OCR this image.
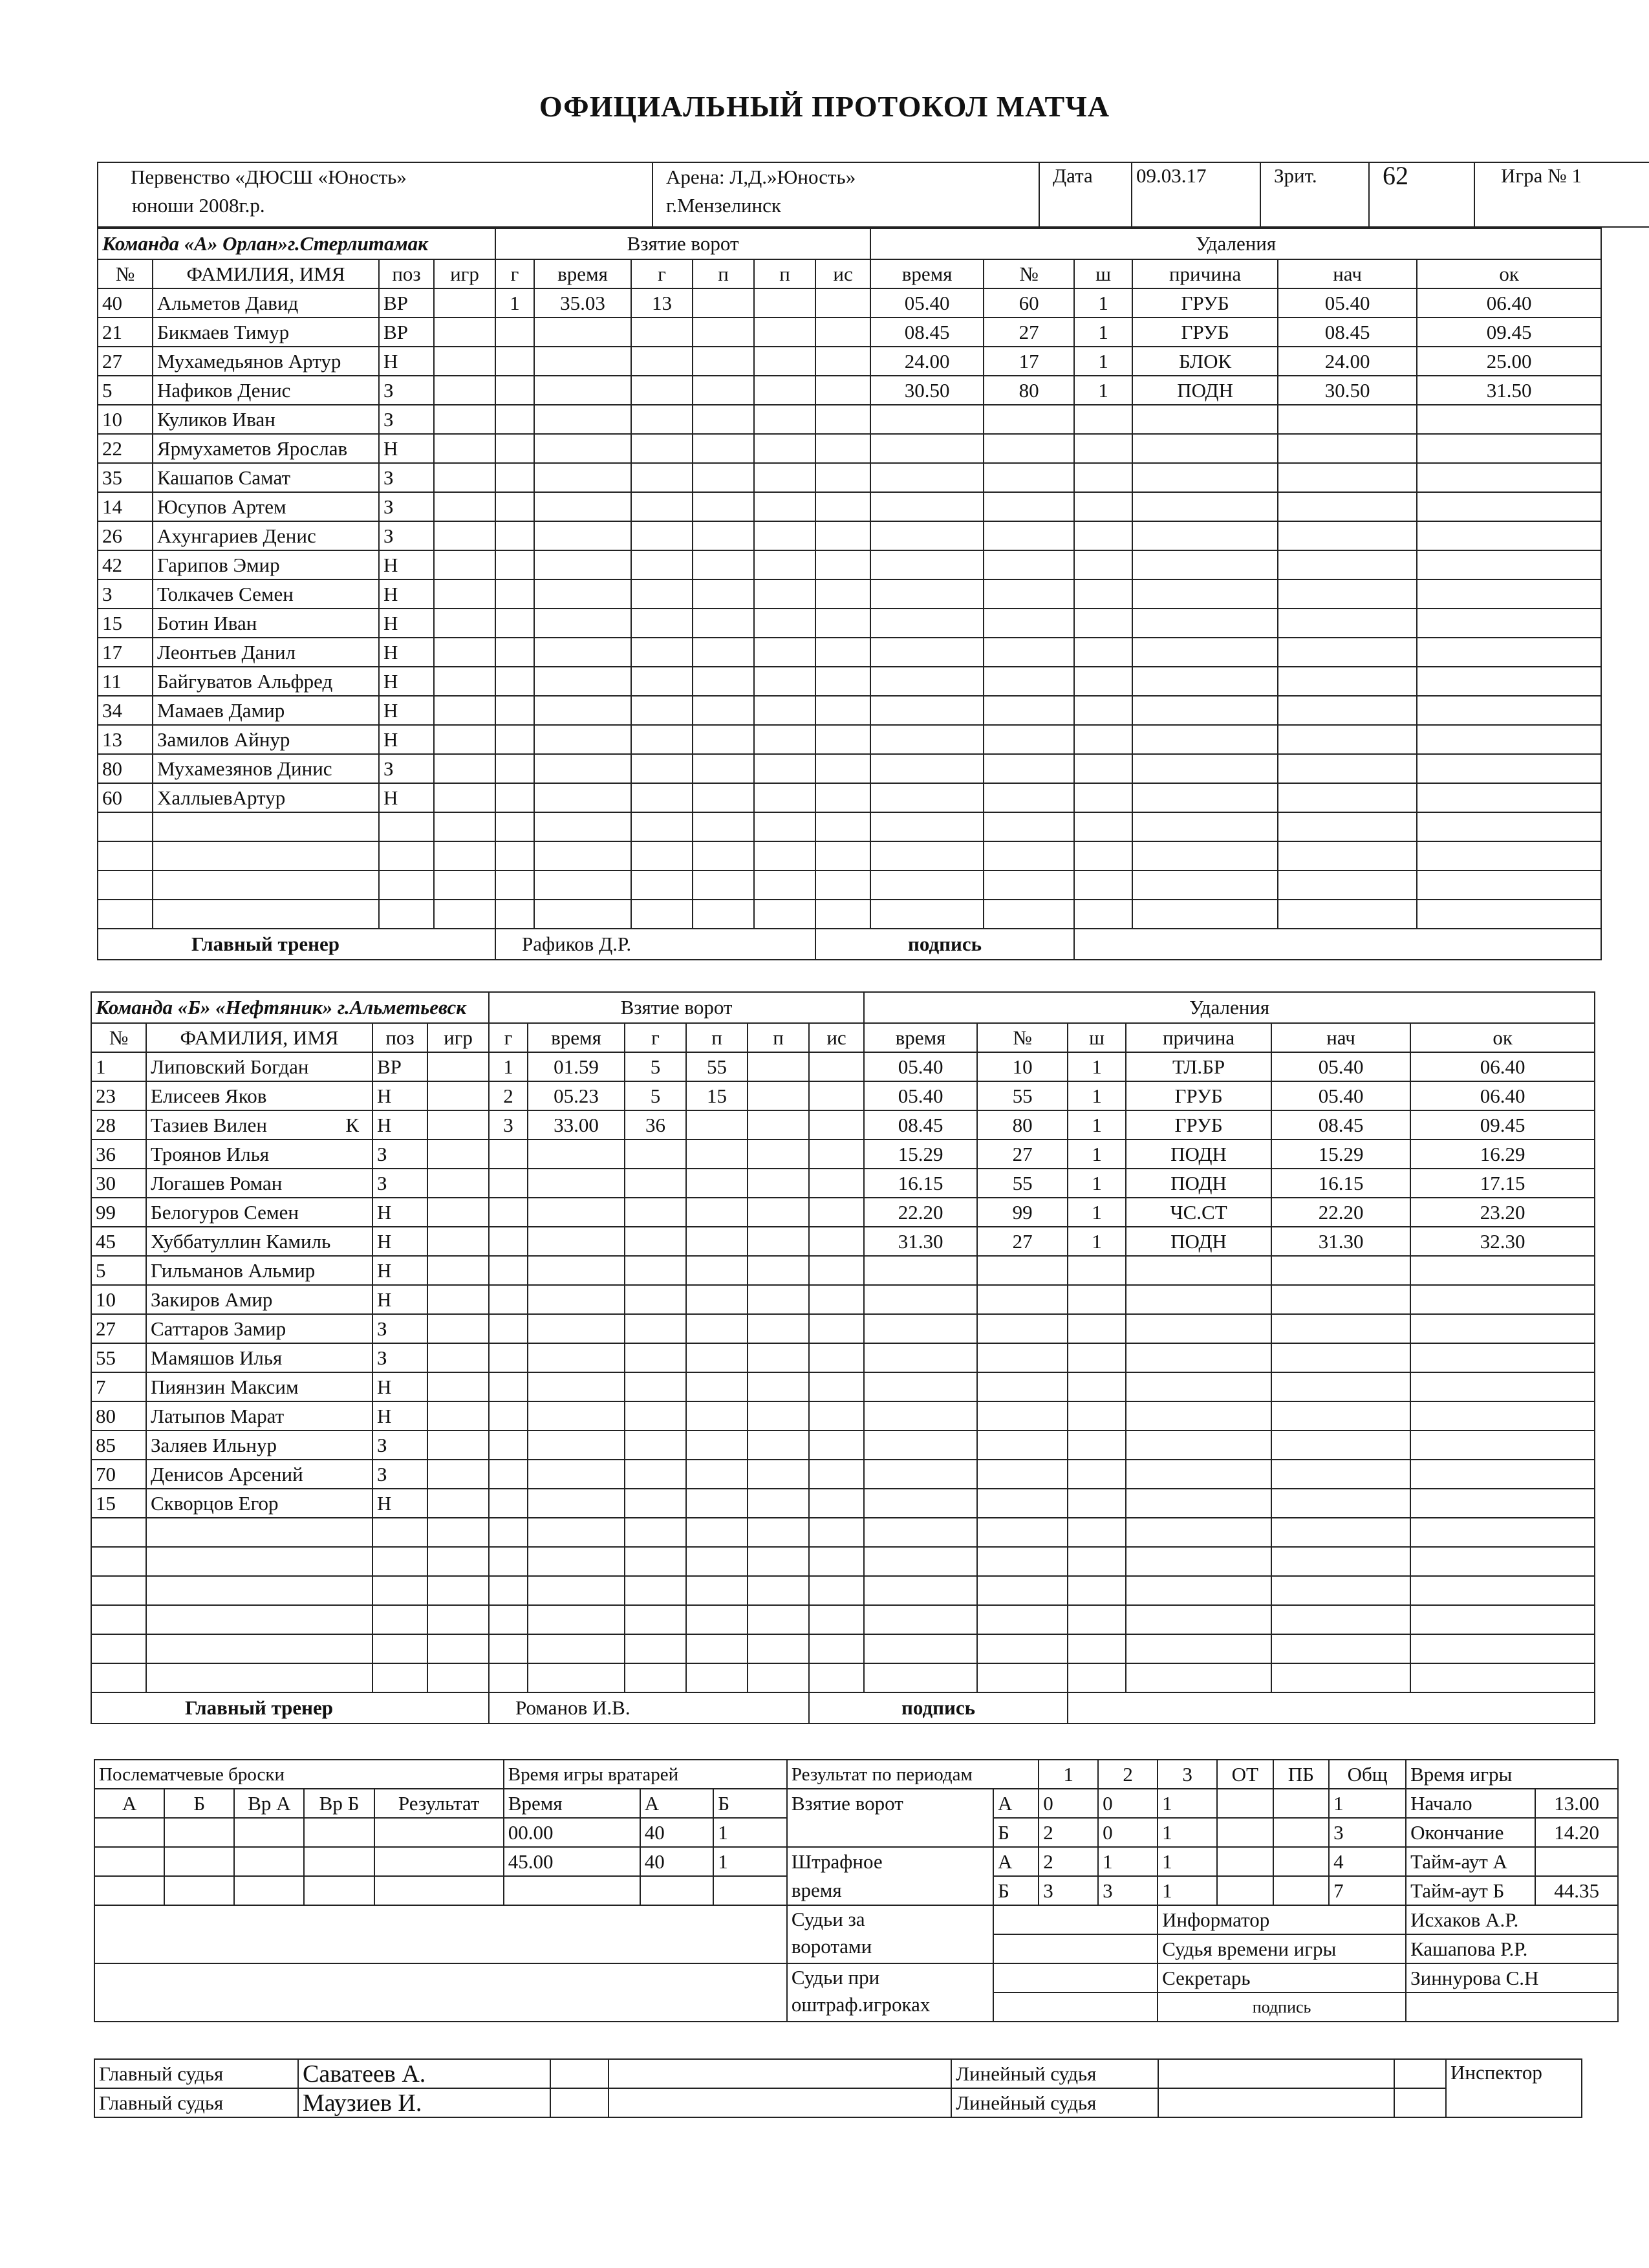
ОФИЦИАЛЬНЫЙ ПРОТОКОЛ МАТЧА
Первенство «ДЮСШ «Юность»
юноши 2008г.р.

Арена: Л,Д.»Юность»
г.Мензелинск
	Дата	09.03.17	Зрит.	62	Игра № 1
Команда «А» Орлан»г.Стерлитамак				Взятие ворот						Удаления					
№	ФАМИЛИЯ, ИМЯ	поз	игр	г	время	г	п	п	ис	время	№	ш	причина	нач	ок
40	Альметов Давид	ВР		1	35.03	13				05.40	60	1	ГРУБ	05.40	06.40
21	Бикмаев Тимур	ВР								08.45	27	1	ГРУБ	08.45	09.45
27	Мухамедьянов Артур	Н								24.00	17	1	БЛОК	24.00	25.00
5	Нафиков Денис	З								30.50	80	1	ПОДН	30.50	31.50
10	Куликов Иван	З													
22	Ярмухаметов Ярослав	Н													
35	Кашапов Самат	З													
14	Юсупов Артем	З													
26	Ахунгариев Денис	З													
42	Гарипов Эмир	Н													
3	Толкачев Семен	Н													
15	Ботин Иван	Н													
17	Леонтьев Данил	Н													
11	Байгуватов Альфред	Н													
34	Мамаев Дамир	Н													
13	Замилов Айнур	Н													
80	Мухамезянов Динис	З													
60	ХаллыевАртур	Н													

Главный тренер				Рафиков Д.Р.					подпись						
Команда «Б» «Нефтяник» г.Альметьевск				Взятие ворот						Удаления					
№	ФАМИЛИЯ, ИМЯ	поз	игр	г	время	г	п	п	ис	время	№	ш	причина	нач	ок
1	Липовский Богдан	ВР		1	01.59	5	55			05.40	10	1	ТЛ.БР	05.40	06.40
23	Елисеев Яков	Н		2	05.23	5	15			05.40	55	1	ГРУБ	05.40	06.40
28	Тазиев Вилен К	Н		3	33.00	36				08.45	80	1	ГРУБ	08.45	09.45
36	Троянов Илья	З								15.29	27	1	ПОДН	15.29	16.29
30	Логашев Роман	З								16.15	55	1	ПОДН	16.15	17.15
99	Белогуров Семен	Н								22.20	99	1	ЧС.СТ	22.20	23.20
45	Хуббатуллин Камиль	Н								31.30	27	1	ПОДН	31.30	32.30
5	Гильманов Альмир	Н													
10	Закиров Амир	Н													
27	Саттаров Замир	З													
55	Мамяшов Илья	З													
7	Пиянзин Максим	Н													
80	Латыпов Марат	Н													
85	Заляев Ильнур	З													
70	Денисов Арсений	З													
15	Скворцов Егор	Н													

Главный тренер				Романов И.В.					подпись						
Послематчевые броски					Время игры вратарей			Результат по периодам		1	2	3	ОТ	ПБ	Общ	Время игры	
А	Б	Вр А	Вр Б	Результат	Время	А	Б	Взятие ворот	А	0	0	1			1	Начало	13.00
					00.00	40	1		Б	2	0	1			3	Окончание	14.20
					45.00	40	1	Штрафное время	А	2	1	1			4	Тайм-аут А	
									Б	3	3	1			7	Тайм-аут Б	44.35

								Судьи за воротами				Информатор				Исхаков А.Р.	
												Судья времени игры				Кашапова Р.Р.	

								Судьи при оштраф.игроках				Секретарь				Зиннурова С.Н	
												подпись					
Главный судья	Саватеев А.			Линейный судья			Инспектор
Главный судья	Маузиев И.			Линейный судья			
